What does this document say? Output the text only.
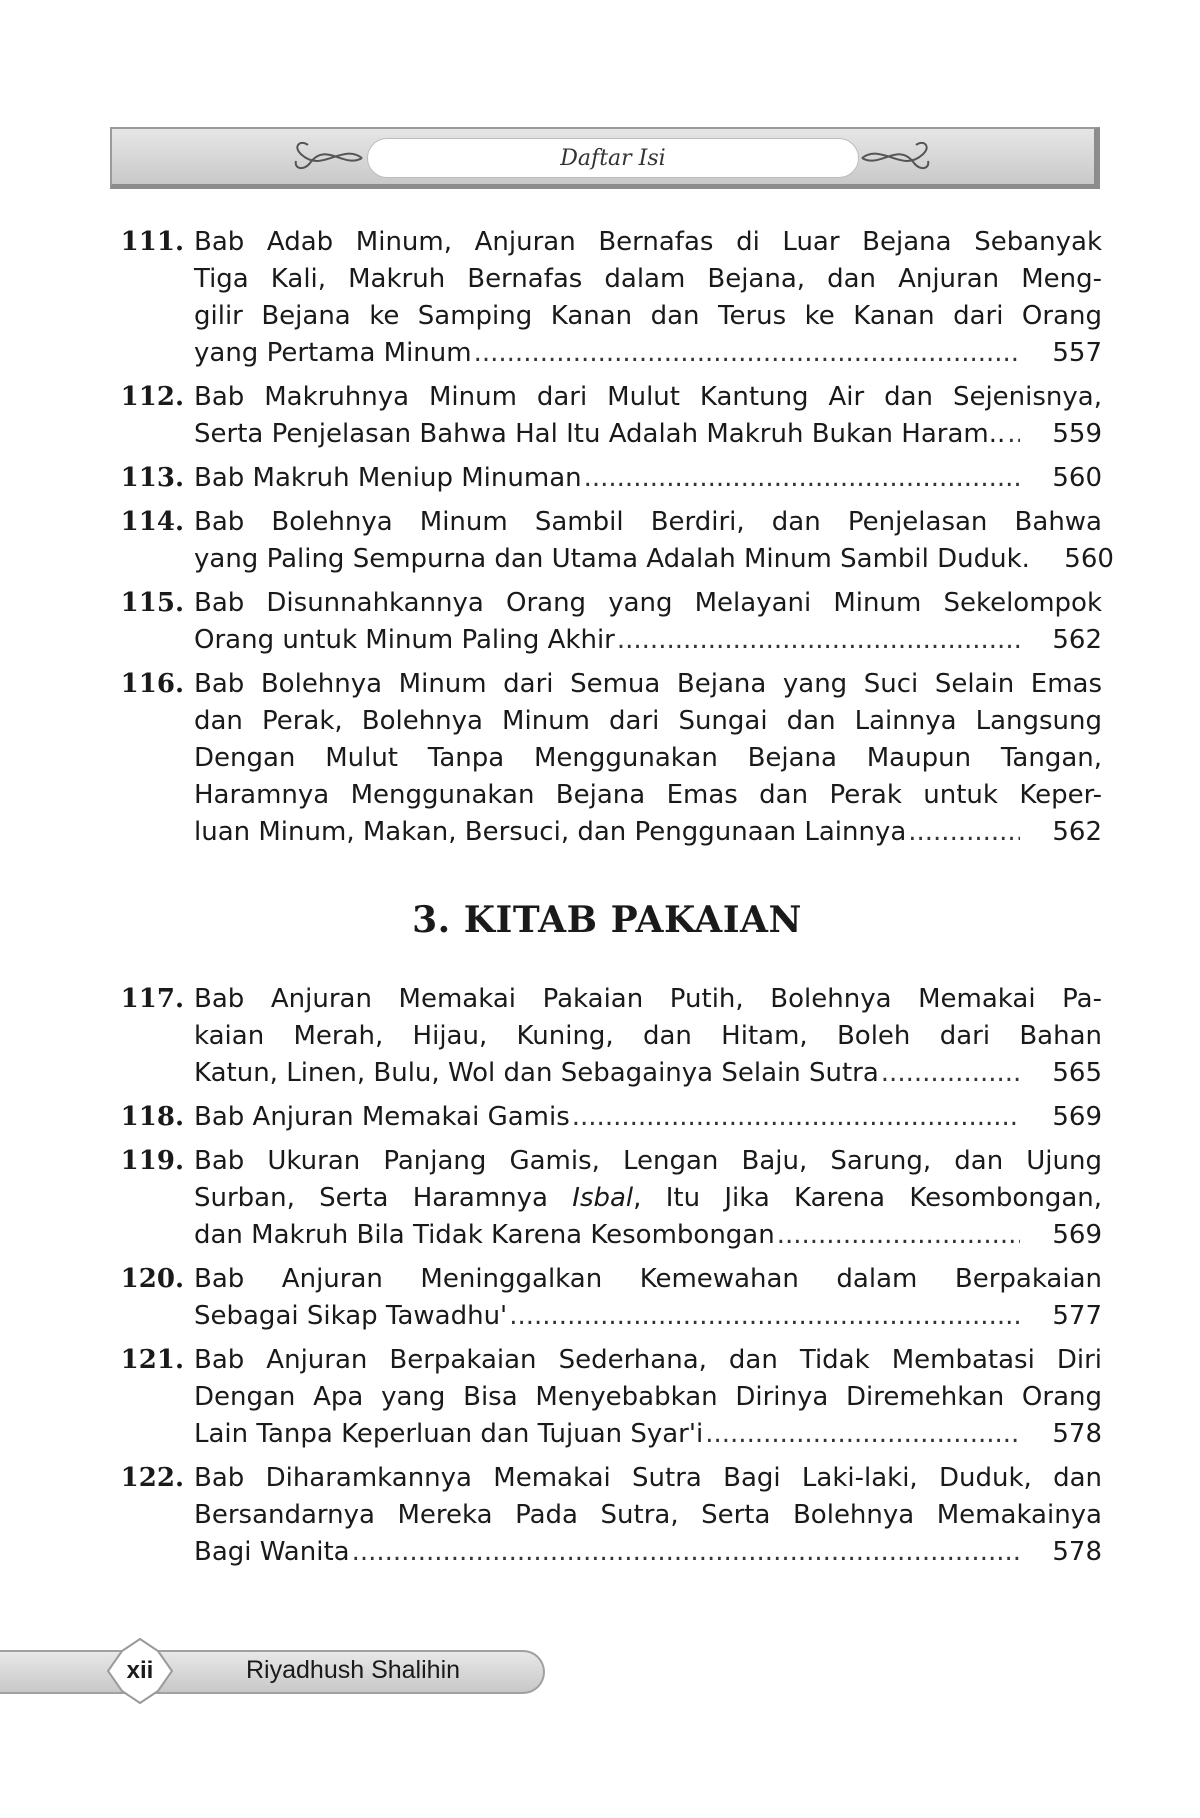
Daftar Isi
111. Bab Adab Minum, Anjuran Bernafas di Luar Bejana Sebanyak
Tiga Kali, Makruh Bernafas dalam Bejana, dan Anjuran Meng-
gilir Bejana ke Samping Kanan dan Terus ke Kanan dari Orang
yang Pertama Minum .....	557
112. Bab Makruhnya Minum dari Mulut Kantung Air dan Sejenisnya,
Serta Penjelasan Bahwa Hal Itu Adalah Makruh Bukan Haram.. .....	559
113. Bab Makruh Meniup Minuman .....	560
114. Bab Bolehnya Minum Sambil Berdiri, dan Penjelasan Bahwa
yang Paling Sempurna dan Utama Adalah Minum Sambil Duduk.	560
115. Bab Disunnahkannya Orang yang Melayani Minum Sekelompok
Orang untuk Minum Paling Akhir .....	562
116. Bab Bolehnya Minum dari Semua Bejana yang Suci Selain Emas
dan Perak, Bolehnya Minum dari Sungai dan Lainnya Langsung
Dengan Mulut Tanpa Menggunakan Bejana Maupun Tangan,
Haramnya Menggunakan Bejana Emas dan Perak untuk Keper-
luan Minum, Makan, Bersuci, dan Penggunaan Lainnya .....	562
3. KITAB PAKAIAN
117. Bab Anjuran Memakai Pakaian Putih, Bolehnya Memakai Pa-
kaian Merah, Hijau, Kuning, dan Hitam, Boleh dari Bahan
Katun, Linen, Bulu, Wol dan Sebagainya Selain Sutra .....	565
118. Bab Anjuran Memakai Gamis .....	569
119. Bab Ukuran Panjang Gamis, Lengan Baju, Sarung, dan Ujung
Surban, Serta Haramnya Isbal, Itu Jika Karena Kesombongan,
dan Makruh Bila Tidak Karena Kesombongan .....	569
120. Bab Anjuran Meninggalkan Kemewahan dalam Berpakaian
Sebagai Sikap Tawadhu' .....	577
121. Bab Anjuran Berpakaian Sederhana, dan Tidak Membatasi Diri
Dengan Apa yang Bisa Menyebabkan Dirinya Diremehkan Orang
Lain Tanpa Keperluan dan Tujuan Syar'i .....	578
122. Bab Diharamkannya Memakai Sutra Bagi Laki-laki, Duduk, dan
Bersandarnya Mereka Pada Sutra, Serta Bolehnya Memakainya
Bagi Wanita .....	578
Riyadhush Shalihin
xii
